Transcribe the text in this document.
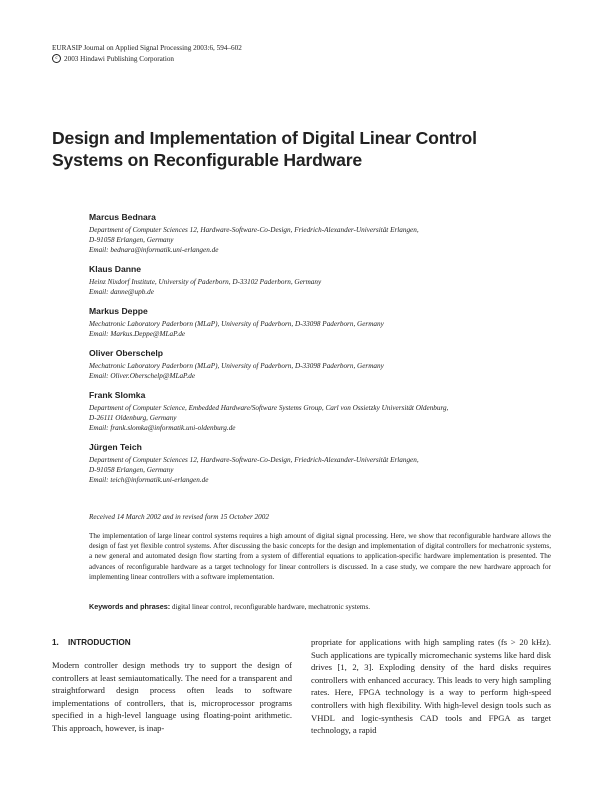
EURASIP Journal on Applied Signal Processing 2003:6, 594–602
c 2003 Hindawi Publishing Corporation
Design and Implementation of Digital Linear Control
Systems on Reconfigurable Hardware
Marcus Bednara
Department of Computer Sciences 12, Hardware-Software-Co-Design, Friedrich-Alexander-Universität Erlangen,
D-91058 Erlangen, Germany
Email: bednara@informatik.uni-erlangen.de
Klaus Danne
Heinz Nixdorf Institute, University of Paderborn, D-33102 Paderborn, Germany
Email: danne@upb.de
Markus Deppe
Mechatronic Laboratory Paderborn (MLaP), University of Paderborn, D-33098 Paderborn, Germany
Email: Markus.Deppe@MLaP.de
Oliver Oberschelp
Mechatronic Laboratory Paderborn (MLaP), University of Paderborn, D-33098 Paderborn, Germany
Email: Oliver.Oberschelp@MLaP.de
Frank Slomka
Department of Computer Science, Embedded Hardware/Software Systems Group, Carl von Ossietzky Universität Oldenburg,
D-26111 Oldenburg, Germany
Email: frank.slomka@informatik.uni-oldenburg.de
Jürgen Teich
Department of Computer Sciences 12, Hardware-Software-Co-Design, Friedrich-Alexander-Universität Erlangen,
D-91058 Erlangen, Germany
Email: teich@informatik.uni-erlangen.de
Received 14 March 2002 and in revised form 15 October 2002
The implementation of large linear control systems requires a high amount of digital signal processing. Here, we show that reconfigurable hardware allows the design of fast yet flexible control systems. After discussing the basic concepts for the design and implementation of digital controllers for mechatronic systems, a new general and automated design flow starting from a system of differential equations to application-specific hardware implementation is presented. The advances of reconfigurable hardware as a target technology for linear controllers is discussed. In a case study, we compare the new hardware approach for implementing linear controllers with a software implementation.
Keywords and phrases: digital linear control, reconfigurable hardware, mechatronic systems.
1. INTRODUCTION
Modern controller design methods try to support the design of controllers at least semiautomatically. The need for a transparent and straightforward design process often leads to software implementations of controllers, that is, microprocessor programs specified in a high-level language using floating-point arithmetic. This approach, however, is inap-
propriate for applications with high sampling rates (fs > 20 kHz). Such applications are typically micromechanic systems like hard disk drives [1, 2, 3]. Exploding density of the hard disks requires controllers with enhanced accuracy. This leads to very high sampling rates. Here, FPGA technology is a way to perform high-speed controllers with high flexibility. With high-level design tools such as VHDL and logic-synthesis CAD tools and FPGA as target technology, a rapid
